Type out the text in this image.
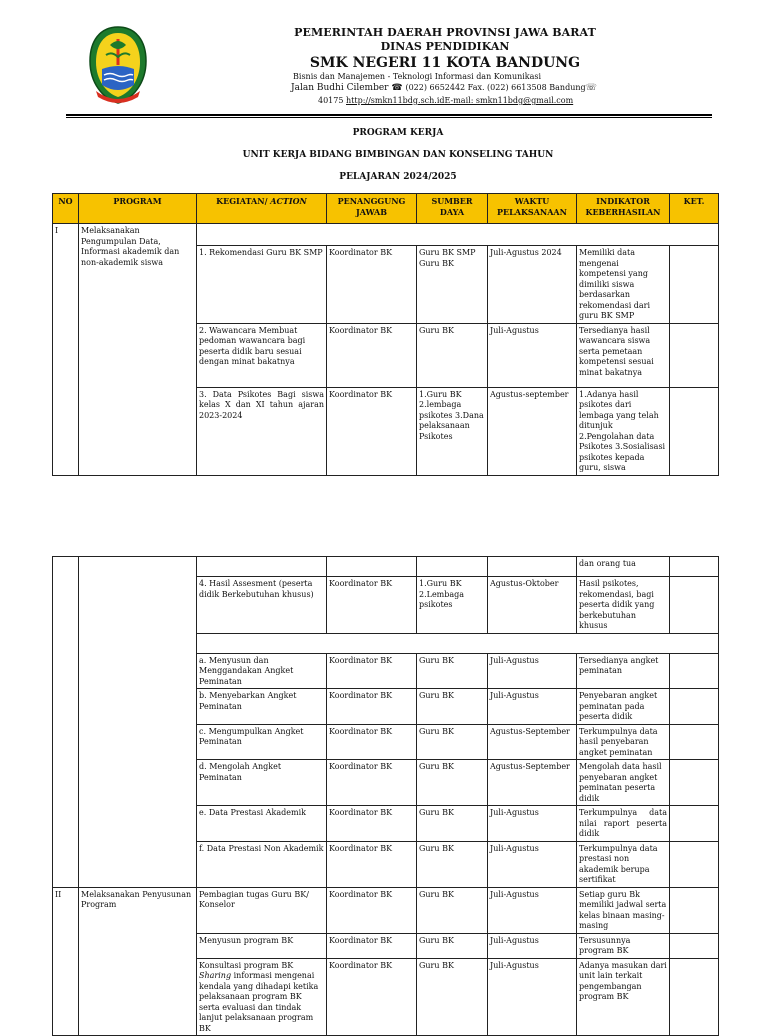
PEMERINTAH DAERAH PROVINSI JAWA BARAT
DINAS PENDIDIKAN
SMK NEGERI 11 KOTA BANDUNG
Bisnis dan Manajemen - Teknologi Informasi dan Komunikasi
Jalan Budhi Cilember ☎ (022) 6652442 Fax. (022) 6613508 Bandung☏
40175 http://smkn11bdg.sch.idE-mail: smkn11bdg@gmail.com
PROGRAM KERJA
UNIT KERJA BIDANG BIMBINGAN DAN KONSELING TAHUN
PELAJARAN 2024/2025
NO	PROGRAM	KEGIATAN/ ACTION	PENANGGUNG JAWAB	SUMBER DAYA	WAKTU PELAKSANAAN	INDIKATOR KEBERHASILAN	KET.
I	Melaksanakan Pengumpulan Data, Informasi akademik dan non-akademik siswa						
		1. Rekomendasi Guru BK SMP	Koordinator BK	Guru BK SMP Guru BK	Juli-Agustus 2024	Memiliki data mengenai kompetensi yang dimiliki siswa berdasarkan rekomendasi dari guru BK SMP	
		2. Wawancara Membuat pedoman wawancara bagi peserta didik baru sesuai dengan minat bakatnya	Koordinator BK	Guru BK	Juli-Agustus	Tersedianya hasil wawancara siswa serta pemetaan kompetensi sesuai minat bakatnya	
		3. Data Psikotes Bagi siswa kelas X dan XI tahun ajaran 2023-2024	Koordinator BK	1.Guru BK 2.lembaga psikotes 3.Dana pelaksanaan Psikotes	Agustus-september	1.Adanya hasil psikotes dari lembaga yang telah ditunjuk 2.Pengolahan data Psikotes 3.Sosialisasi psikotes kepada guru, siswa	
						dan orang tua	
		4. Hasil Assesment (peserta didik Berkebutuhan khusus)	Koordinator BK	1.Guru BK 2.Lembaga psikotes	Agustus-Oktober	Hasil psikotes, rekomendasi, bagi peserta didik yang berkebutuhan khusus	

		a. Menyusun dan Menggandakan Angket Peminatan	Koordinator BK	Guru BK	Juli-Agustus	Tersedianya angket peminatan	
		b. Menyebarkan Angket Peminatan	Koordinator BK	Guru BK	Juli-Agustus	Penyebaran angket peminatan pada peserta didik	
		c. Mengumpulkan Angket Peminatan	Koordinator BK	Guru BK	Agustus-September	Terkumpulnya data hasil penyebaran angket peminatan	
		d. Mengolah Angket Peminatan	Koordinator BK	Guru BK	Agustus-September	Mengolah data hasil penyebaran angket peminatan peserta didik	
		e. Data Prestasi Akademik	Koordinator BK	Guru BK	Juli-Agustus	Terkumpulnya data nilai raport peserta didik	
		f. Data Prestasi Non Akademik	Koordinator BK	Guru BK	Juli-Agustus	Terkumpulnya data prestasi non akademik berupa sertifikat	

II	Melaksanakan Penyusunan Program	Pembagian tugas Guru BK/ Konselor	Koordinator BK	Guru BK	Juli-Agustus	Setiap guru Bk memiliki jadwal serta kelas binaan masing-masing	
		Menyusun program BK	Koordinator BK	Guru BK	Juli-Agustus	Tersusunnya program BK	
		Konsultasi program BK Sharing informasi mengenai kendala yang dihadapi ketika pelaksanaan program BK serta evaluasi dan tindak lanjut pelaksanaan program BK	Koordinator BK	Guru BK	Juli-Agustus	Adanya masukan dari unit lain terkait pengembangan program BK	
